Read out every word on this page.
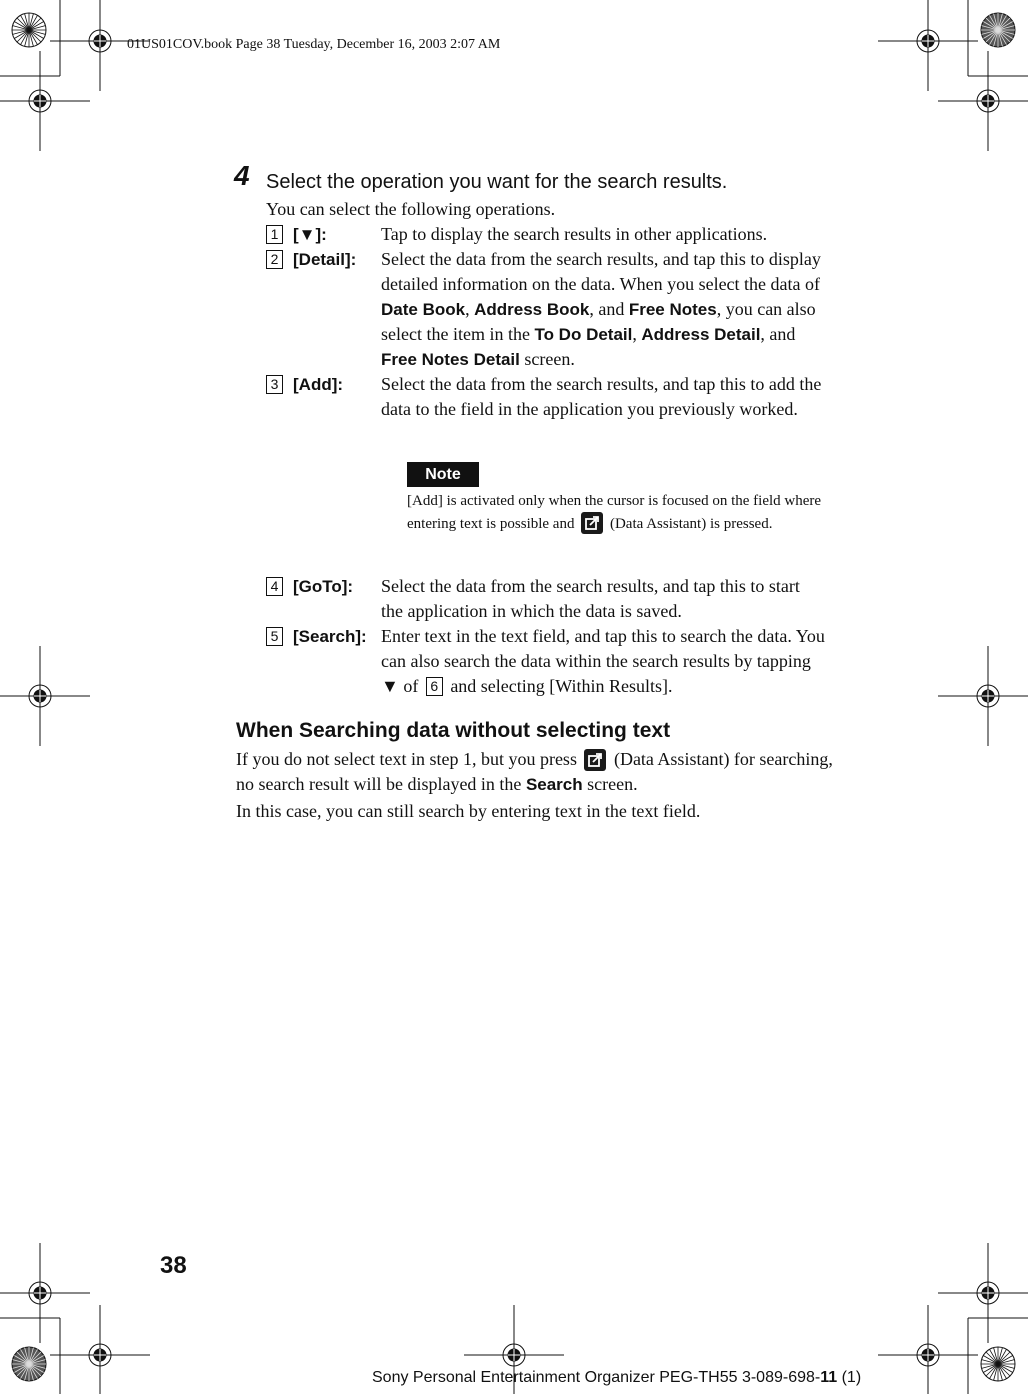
01US01COV.book Page 38 Tuesday, December 16, 2003 2:07 AM
4 Select the operation you want for the search results.
You can select the following operations.
1 [▼]:	Tap to display the search results in other applications.
2 [Detail]: Select the data from the search results, and tap this to display detailed information on the data. When you select the data of Date Book, Address Book, and Free Notes, you can also select the item in the To Do Detail, Address Detail, and Free Notes Detail screen.
3 [Add]: Select the data from the search results, and tap this to add the data to the field in the application you previously worked.
Note
[Add] is activated only when the cursor is focused on the field where entering text is possible and
(Data Assistant) is pressed.
4 [GoTo]: Select the data from the search results, and tap this to start the application in which the data is saved.
5 [Search]: Enter text in the text field, and tap this to search the data. You can also search the data within the search results by tapping ▼ of 6 and selecting [Within Results].
When Searching data without selecting text
If you do not select text in step 1, but you press
(Data Assistant) for searching, no search result will be displayed in the Search screen.
In this case, you can still search by entering text in the text field.
38
Sony Personal Entertainment Organizer PEG-TH55 3-089-698-11 (1)
